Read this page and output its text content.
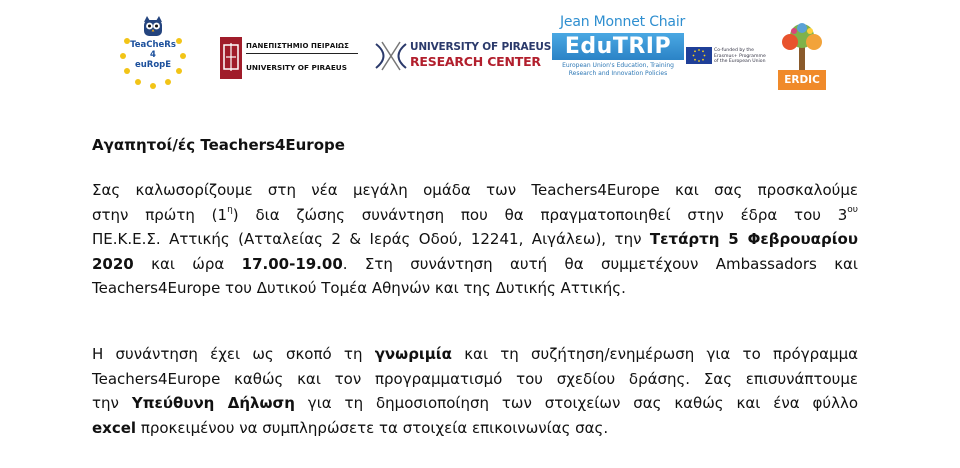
TeaCheRs
4
euRopE
ΠΑΝΕΠΙΣΤΗΜΙΟ ΠΕΙΡΑΙΩΣ
UNIVERSITY OF PIRAEUS
UNIVERSITY OF PIRAEUS
RESEARCH CENTER
Jean Monnet Chair
EduTRIP
European Union's Education, Training Research and Innovation Policies
Co-funded by the Erasmus+ Programme of the European Union
ERDIC

Αγαπητοί/ές Teachers4Europe

Σας καλωσορίζουμε στη νέα μεγάλη ομάδα των Teachers4Europe και σας προσκαλούμε
στην πρώτη $(1^\eta)$ δια ζώσης συνάντηση που θα πραγματοποιηθεί στην έδρα του $3^{o\upsilon}$
ΠΕ.Κ.Ε.Σ. Αττικής (Ατταλείας 2 & Ιεράς Οδού, 12241, Αιγάλεω), την Τετάρτη 5 Φεβρουαρίου
2020 και ώρα 17.00-19.00. Στη συνάντηση αυτή θα συμμετέχουν Ambassadors και
Teachers4Europe του Δυτικού Τομέα Αθηνών και της Δυτικής Αττικής.
Η συνάντηση έχει ως σκοπό τη γνωριμία και τη συζήτηση/ενημέρωση για το πρόγραμμα
Teachers4Europe καθώς και τον προγραμματισμό του σχεδίου δράσης. Σας επισυνάπτουμε
την Υπεύθυνη Δήλωση για τη δημοσιοποίηση των στοιχείων σας καθώς και ένα φύλλο
excel προκειμένου να συμπληρώσετε τα στοιχεία επικοινωνίας σας.
